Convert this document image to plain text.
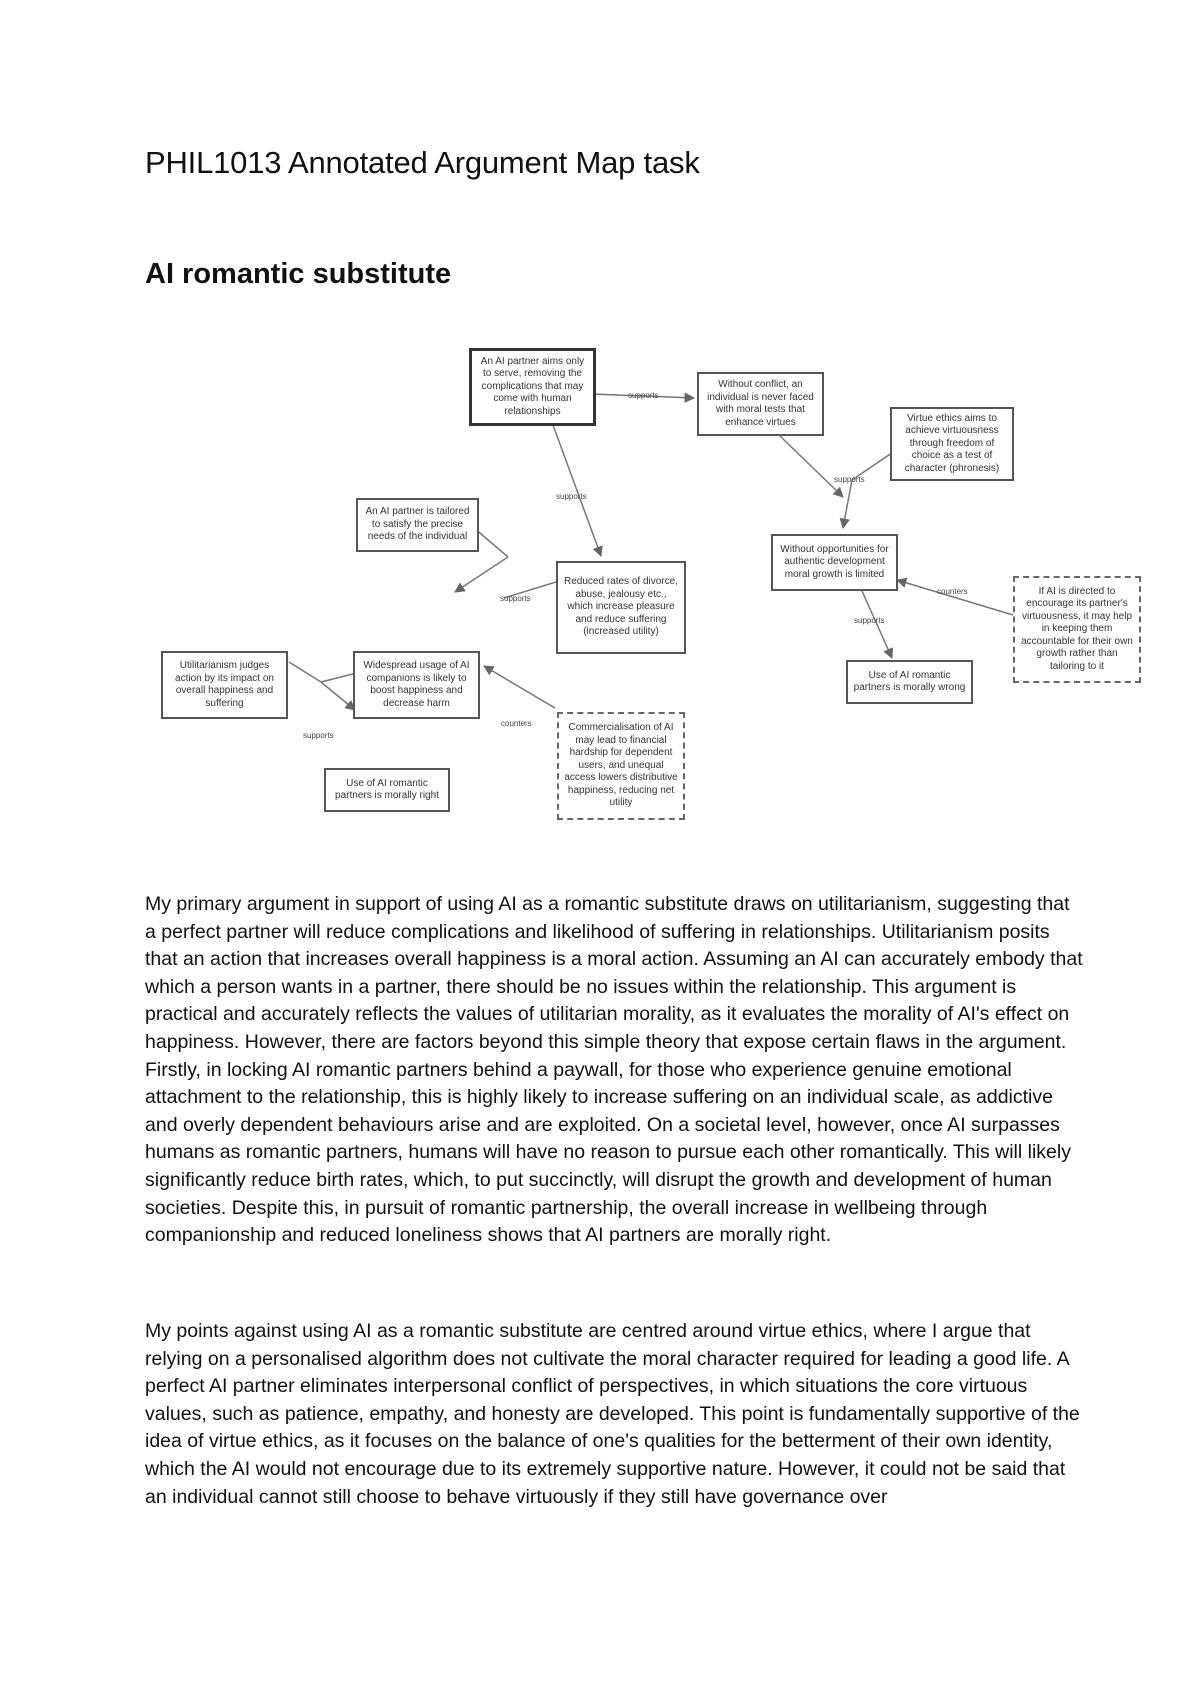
PHIL1013 Annotated Argument Map task
AI romantic substitute
An AI partner aims only to serve, removing the complications that may come with human relationships
Without conflict, an individual is never faced with moral tests that enhance virtues	Virtue ethics aims to achieve virtuousness through freedom of choice as a test of character (phronesis)
An AI partner is tailored to satisfy the precise needs of the individual
Reduced rates of divorce, abuse, jealousy etc., which increase pleasure and reduce suffering (increased utility)
Without opportunities for authentic development moral growth is limited
If AI is directed to encourage its partner's virtuousness, it may help in keeping them accountable for their own growth rather than tailoring to it
Utilitarianism judges action by its impact on overall happiness and suffering
Widespread usage of AI companions is likely to boost happiness and decrease harm
Use of AI romantic partners is morally wrong
Commercialisation of AI may lead to financial hardship for dependent users, and unequal access lowers distributive happiness, reducing net utility
Use of AI romantic partners is morally right
supports
supports
supports
supports
counters
supports
counters
supports

My primary argument in support of using AI as a romantic substitute draws on utilitarianism, suggesting that a perfect partner will reduce complications and likelihood of suffering in relationships. Utilitarianism posits that an action that increases overall happiness is a moral action. Assuming an AI can accurately embody that which a person wants in a partner, there should be no issues within the relationship. This argument is practical and accurately reflects the values of utilitarian morality, as it evaluates the morality of AI's effect on happiness. However, there are factors beyond this simple theory that expose certain flaws in the argument. Firstly, in locking AI romantic partners behind a paywall, for those who experience genuine emotional attachment to the relationship, this is highly likely to increase suffering on an individual scale, as addictive and overly dependent behaviours arise and are exploited. On a societal level, however, once AI surpasses humans as romantic partners, humans will have no reason to pursue each other romantically. This will likely significantly reduce birth rates, which, to put succinctly, will disrupt the growth and development of human societies. Despite this, in pursuit of romantic partnership, the overall increase in wellbeing through companionship and reduced loneliness shows that AI partners are morally right.

My points against using AI as a romantic substitute are centred around virtue ethics, where I argue that relying on a personalised algorithm does not cultivate the moral character required for leading a good life. A perfect AI partner eliminates interpersonal conflict of perspectives, in which situations the core virtuous values, such as patience, empathy, and honesty are developed. This point is fundamentally supportive of the idea of virtue ethics, as it focuses on the balance of one's qualities for the betterment of their own identity, which the AI would not encourage due to its extremely supportive nature. However, it could not be said that an individual cannot still choose to behave virtuously if they still have governance over
